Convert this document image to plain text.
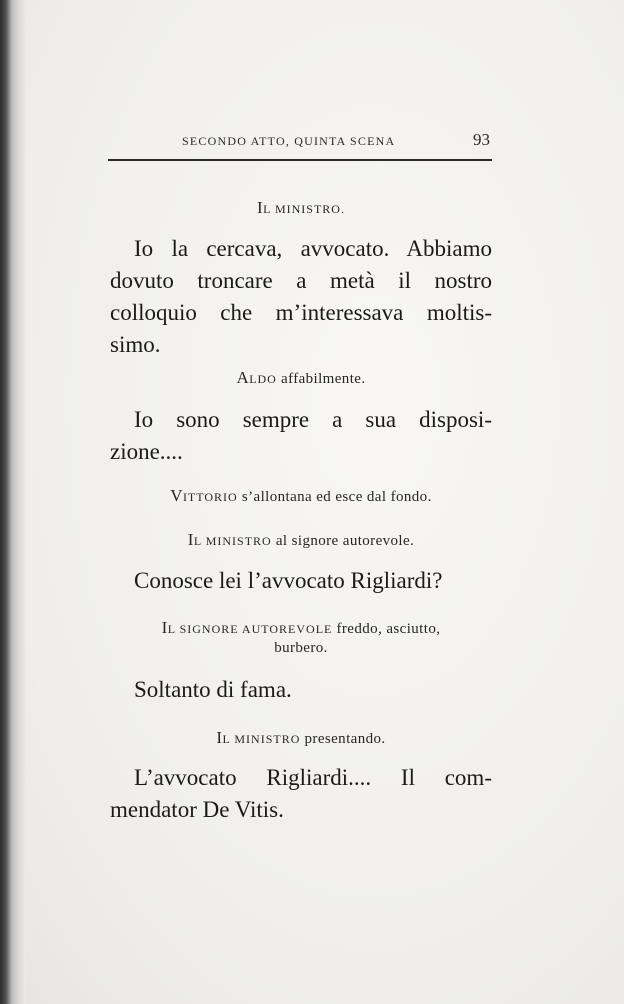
SECONDO ATTO, QUINTA SCENA	93
IL MINISTRO.
Io la cercava, avvocato. Abbiamo
dovuto troncare a metà il nostro
colloquio che m’interessava moltis-
simo.
ALDO affabilmente.
Io sono sempre a sua disposi-
zione....
VITTORIO s’allontana ed esce dal fondo.
IL MINISTRO al signore autorevole.
Conosce lei l’avvocato Rigliardi?
IL SIGNORE AUTOREVOLE freddo, asciutto,
burbero.
Soltanto di fama.
IL MINISTRO presentando.
L’avvocato Rigliardi.... Il com-
mendator De Vitis.
